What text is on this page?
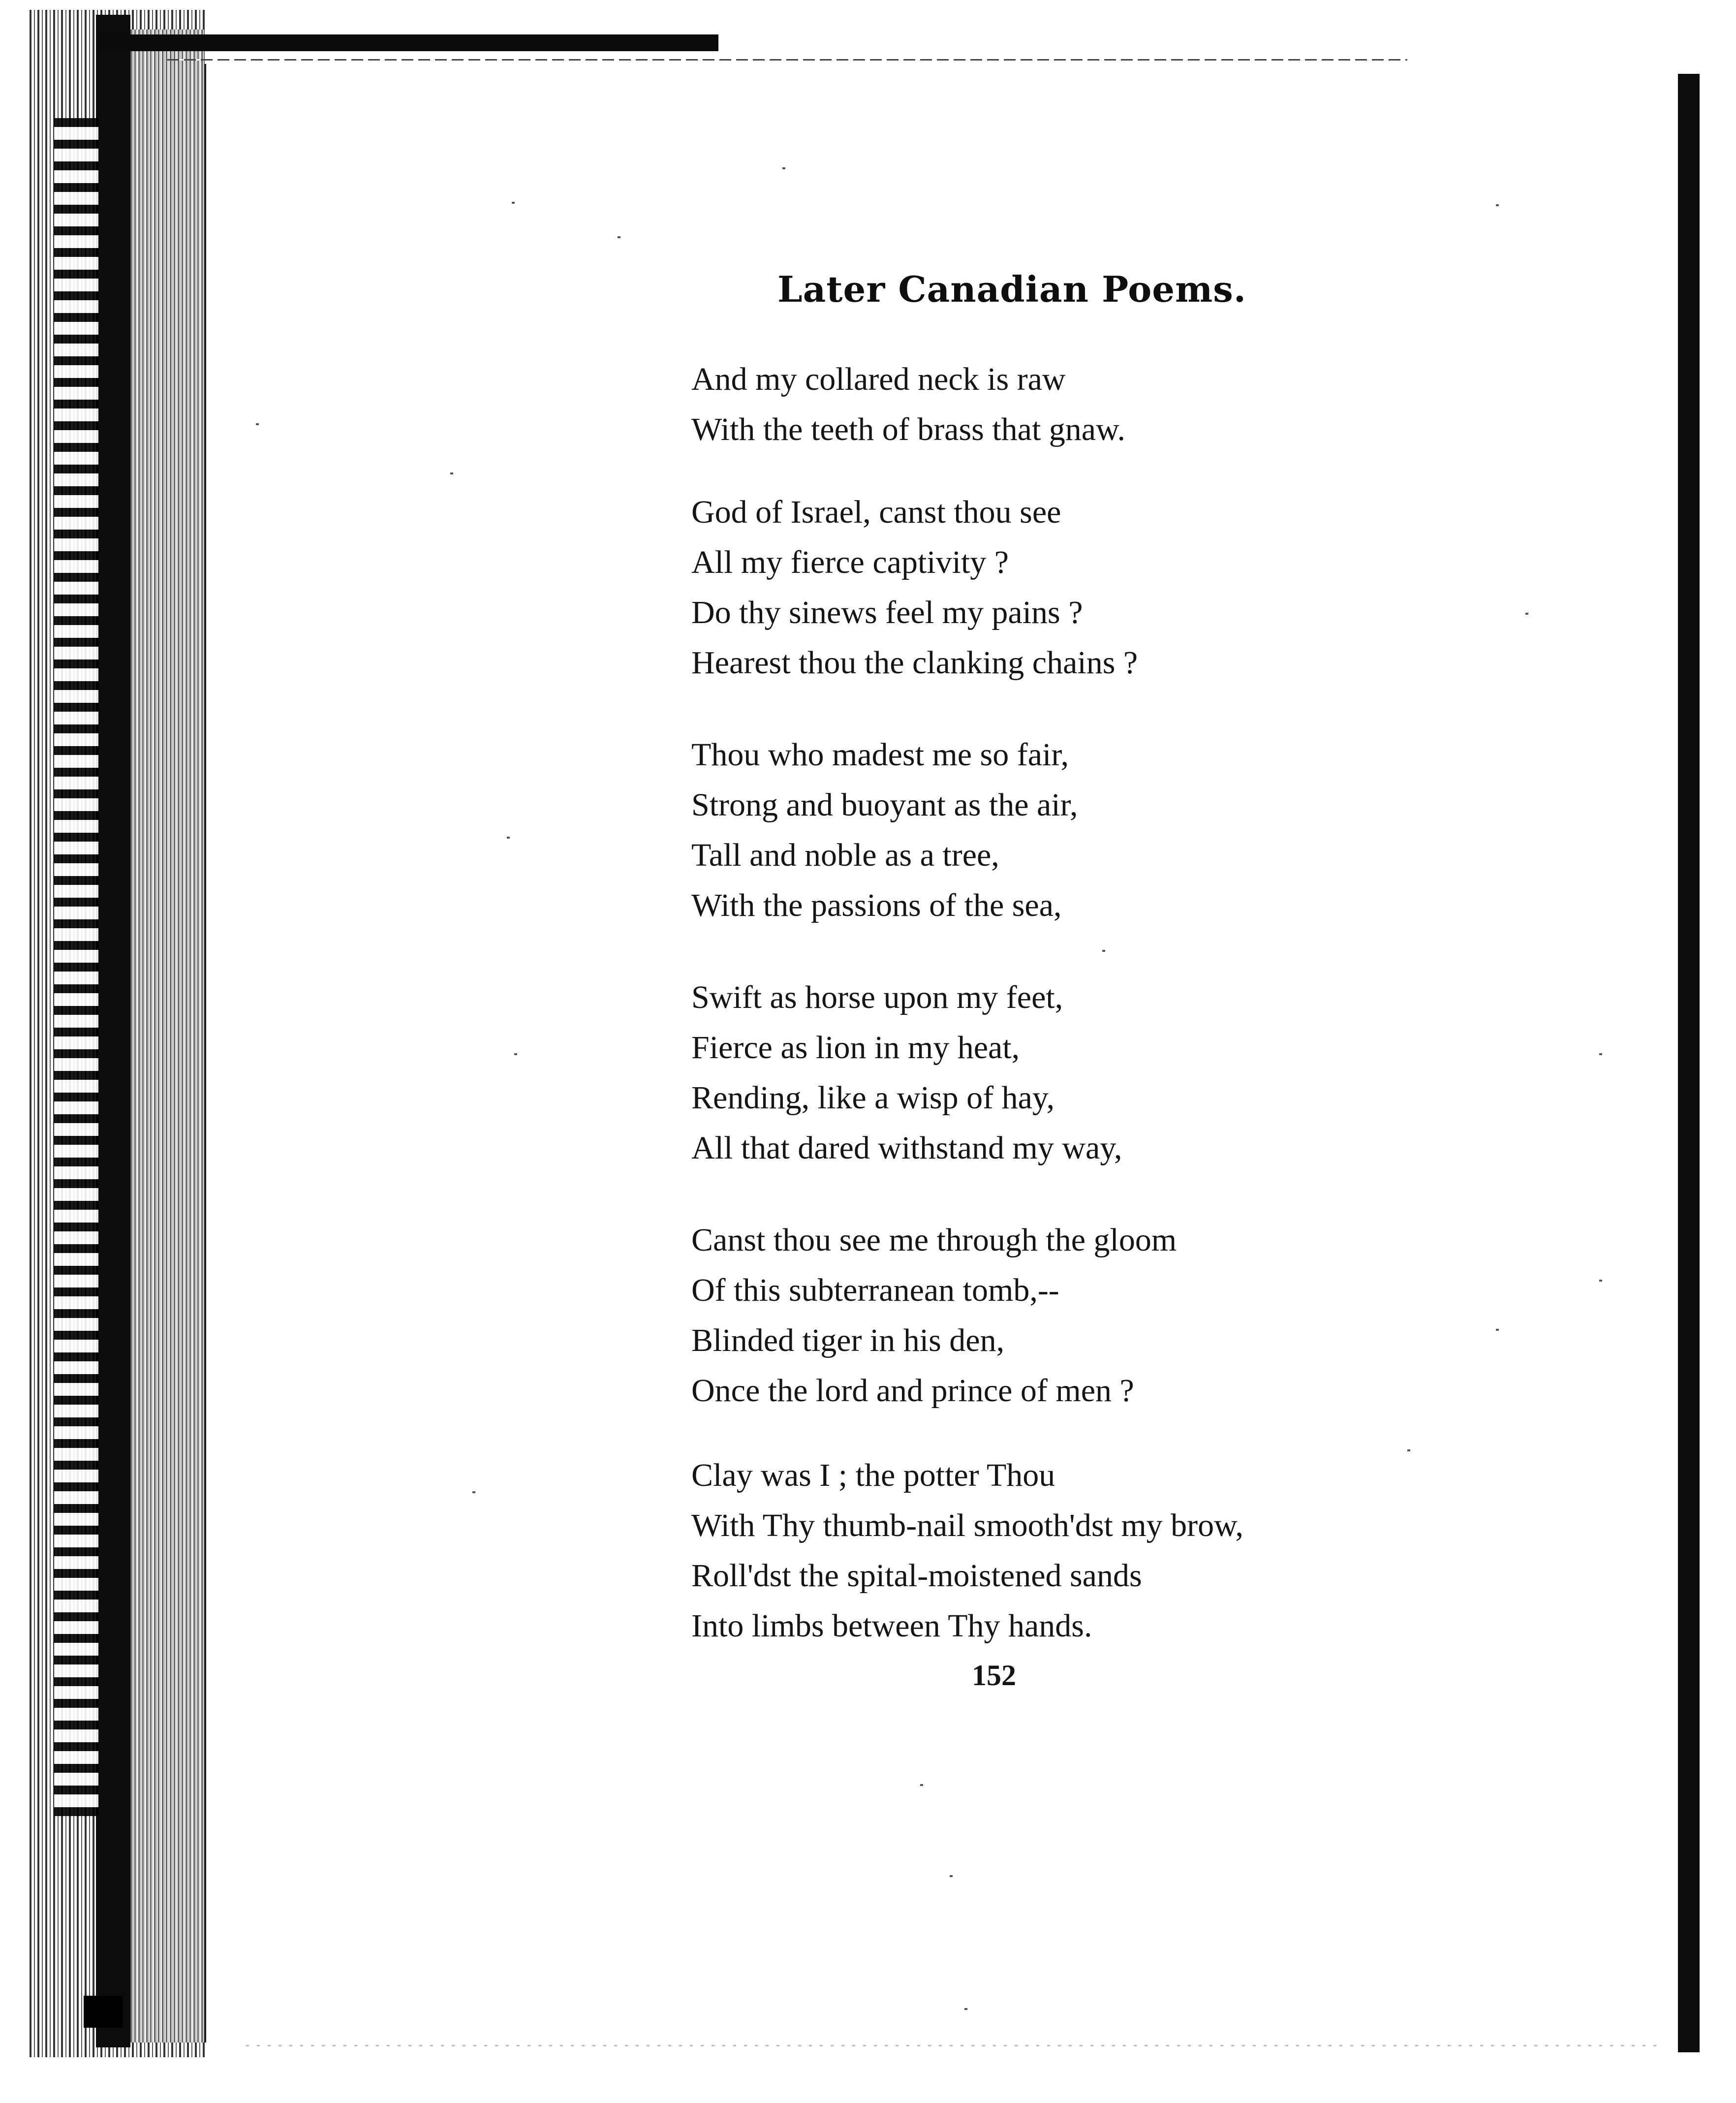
Later Canadian Poems.
And my collared neck is raw
With the teeth of brass that gnaw.
God of Israel, canst thou see
All my fierce captivity ?
Do thy sinews feel my pains ?
Hearest thou the clanking chains ?
Thou who madest me so fair,
Strong and buoyant as the air,
Tall and noble as a tree,
With the passions of the sea,
Swift as horse upon my feet,
Fierce as lion in my heat,
Rending, like a wisp of hay,
All that dared withstand my way,
Canst thou see me through the gloom
Of this subterranean tomb,--
Blinded tiger in his den,
Once the lord and prince of men ?
Clay was I ; the potter Thou
With Thy thumb-nail smooth'dst my brow,
Roll'dst the spital-moistened sands
Into limbs between Thy hands.
152
